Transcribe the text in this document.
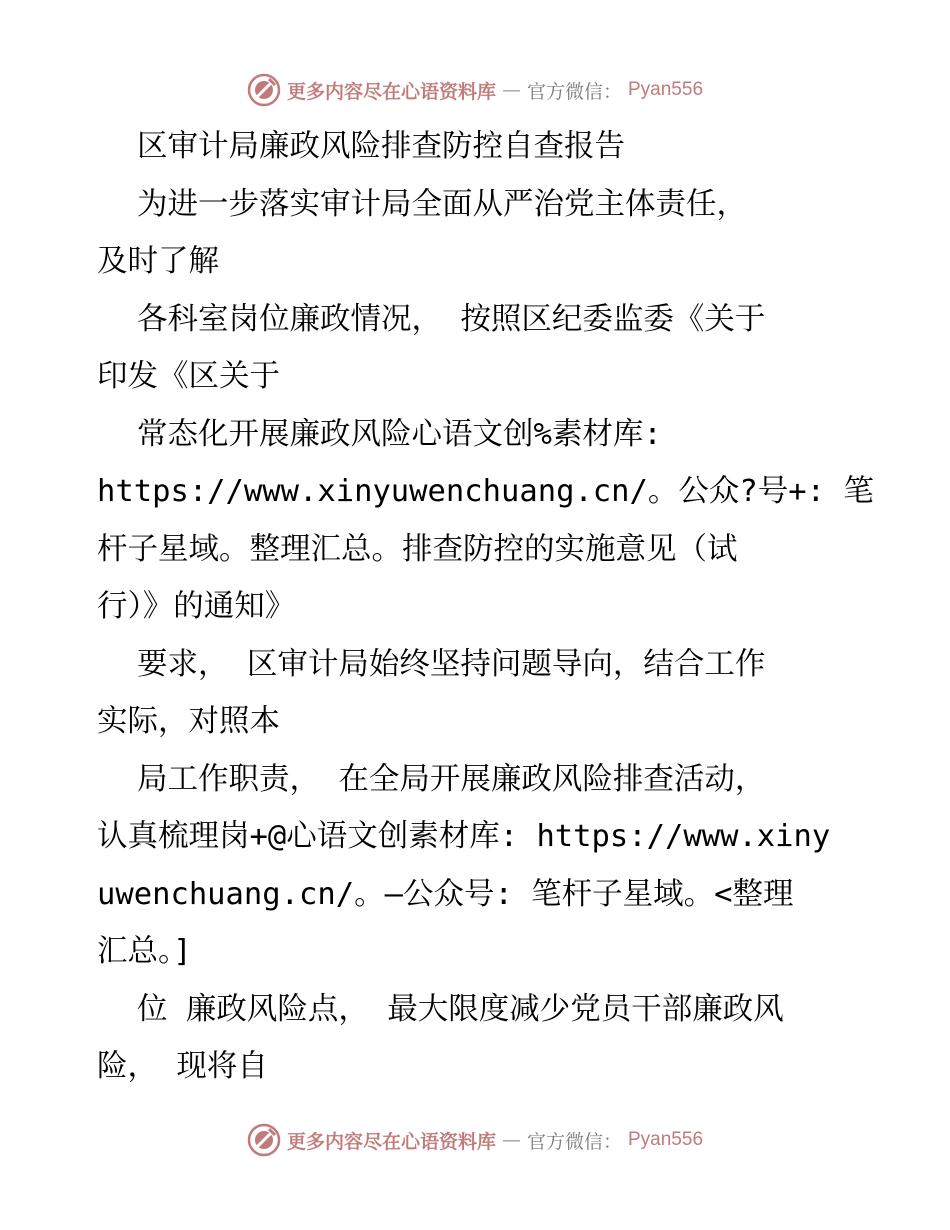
更多内容尽在心语资料库 — 官方微信： Pyan556
区审计局廉政风险排查防控自查报告
为进一步落实审计局全面从严治党主体责任，
及时了解
各科室岗位廉政情况， 按照区纪委监委《关于
印发《区关于
常态化开展廉政风险心语文创%素材库:
https://www.xinyuwenchuang.cn/。公众?号+: 笔
杆子星域。整理汇总。排查防控的实施意见（试
行）》的通知》
要求， 区审计局始终坚持问题导向，结合工作
实际，对照本
局工作职责， 在全局开展廉政风险排查活动，
认真梳理岗+@心语文创素材库: https://www.xiny
uwenchuang.cn/。—公众号: 笔杆子星域。<整理
汇总。]
位 廉政风险点， 最大限度减少党员干部廉政风
险， 现将自
更多内容尽在心语资料库 — 官方微信： Pyan556
